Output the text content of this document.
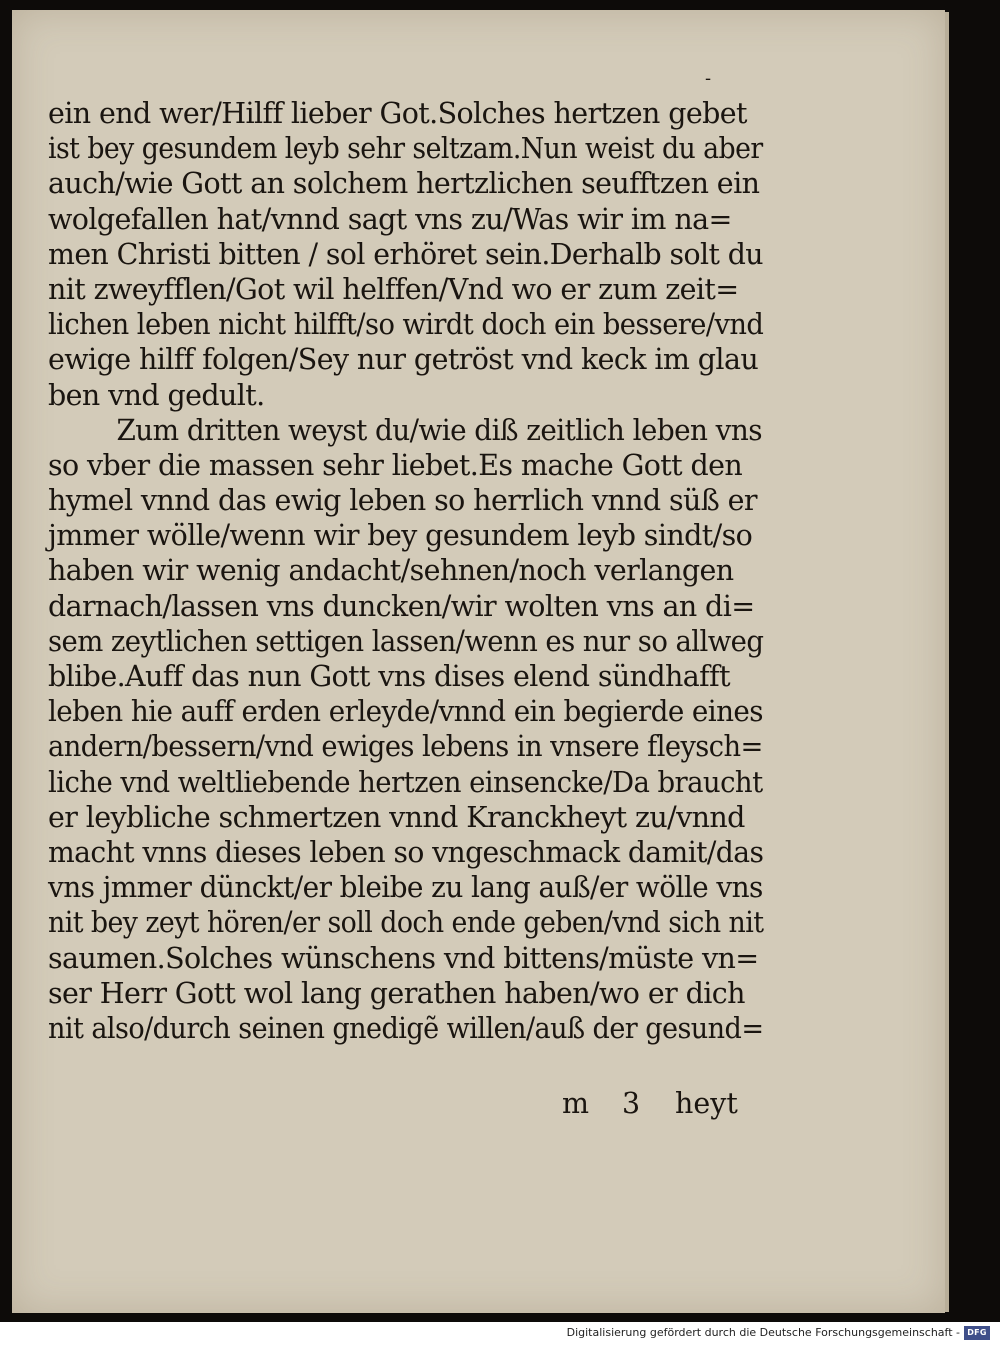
-
ein end wer/Hilff lieber Got.Solches hertzen gebet
ist bey gesundem leyb sehr seltzam.Nun weist du aber
auch/wie Gott an solchem hertzlichen seufftzen ein
wolgefallen hat/vnnd sagt vns zu/Was wir im na=
men Christi bitten / sol erhöret sein.Derhalb solt du
nit zweyfflen/Got wil helffen/Vnd wo er zum zeit=
lichen leben nicht hilfft/so wirdt doch ein bessere/vnd
ewige hilff folgen/Sey nur getröst vnd keck im glau
ben vnd gedult.
Zum dritten weyst du/wie diß zeitlich leben vns
so vber die massen sehr liebet.Es mache Gott den
hymel vnnd das ewig leben so herrlich vnnd süß er
jmmer wölle/wenn wir bey gesundem leyb sindt/so
haben wir wenig andacht/sehnen/noch verlangen
darnach/lassen vns duncken/wir wolten vns an di=
sem zeytlichen settigen lassen/wenn es nur so allweg
blibe.Auff das nun Gott vns dises elend sündhafft
leben hie auff erden erleyde/vnnd ein begierde eines
andern/bessern/vnd ewiges lebens in vnsere fleysch=
liche vnd weltliebende hertzen einsencke/Da braucht
er leybliche schmertzen vnnd Kranckheyt zu/vnnd
macht vnns dieses leben so vngeschmack damit/das
vns jmmer dünckt/er bleibe zu lang auß/er wölle vns
nit bey zeyt hören/er soll doch ende geben/vnd sich nit
saumen.Solches wünschens vnd bittens/müste vn=
ser Herr Gott wol lang gerathen haben/wo er dich
nit also/durch seinen gnedigẽ willen/auß der gesund=
m 3 heyt
Digitalisierung gefördert durch die Deutsche Forschungsgemeinschaft - DFG
